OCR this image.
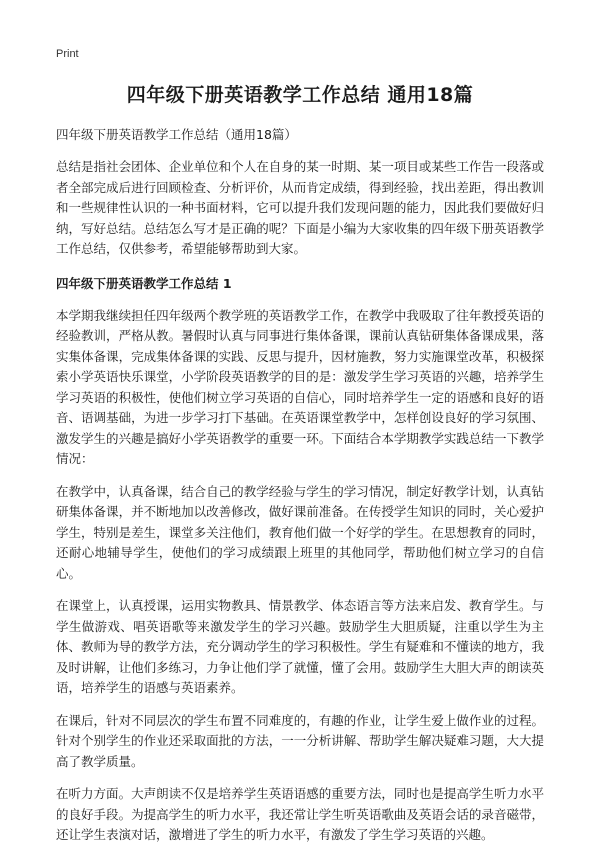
Print
四年级下册英语教学工作总结 通用18篇
四年级下册英语教学工作总结（通用18篇）

总结是指社会团体、企业单位和个人在自身的某一时期、某一项目或某些工作告一段落或者全部完成后进行回顾检查、分析评价，从而肯定成绩，得到经验，找出差距，得出教训和一些规律性认识的一种书面材料，它可以提升我们发现问题的能力，因此我们要做好归纳，写好总结。总结怎么写才是正确的呢？下面是小编为大家收集的四年级下册英语教学工作总结，仅供参考，希望能够帮助到大家。

四年级下册英语教学工作总结 1

本学期我继续担任四年级两个教学班的英语教学工作，在教学中我吸取了往年教授英语的经验教训，严格从教。暑假时认真与同事进行集体备课，课前认真钻研集体备课成果，落实集体备课，完成集体备课的实践、反思与提升，因材施教，努力实施课堂改革，积极探索小学英语快乐课堂，小学阶段英语教学的目的是：激发学生学习英语的兴趣，培养学生学习英语的积极性，使他们树立学习英语的自信心，同时培养学生一定的语感和良好的语音、语调基础，为进一步学习打下基础。在英语课堂教学中，怎样创设良好的学习氛围、激发学生的兴趣是搞好小学英语教学的重要一环。下面结合本学期教学实践总结一下教学情况：

在教学中，认真备课，结合自己的教学经验与学生的学习情况，制定好教学计划，认真钻研集体备课，并不断地加以改善修改，做好课前准备。在传授学生知识的同时，关心爱护学生，特别是差生，课堂多关注他们，教育他们做一个好学的学生。在思想教育的同时，还耐心地辅导学生，使他们的学习成绩跟上班里的其他同学，帮助他们树立学习的自信心。

在课堂上，认真授课，运用实物教具、情景教学、体态语言等方法来启发、教育学生。与学生做游戏、唱英语歌等来激发学生的学习兴趣。鼓励学生大胆质疑，注重以学生为主体、教师为导的教学方法，充分调动学生的学习积极性。学生有疑难和不懂读的地方，我及时讲解，让他们多练习，力争让他们学了就懂，懂了会用。鼓励学生大胆大声的朗读英语，培养学生的语感与英语素养。

在课后，针对不同层次的学生布置不同难度的，有趣的作业，让学生爱上做作业的过程。针对个别学生的作业还采取面批的方法，一一分析讲解、帮助学生解决疑难习题，大大提高了教学质量。

在听力方面。大声朗读不仅是培养学生英语语感的重要方法，同时也是提高学生听力水平的良好手段。为提高学生的听力水平，我还常让学生听英语歌曲及英语会话的录音磁带，还让学生表演对话，激增进了学生的听力水平，有激发了学生学习英语的兴趣。
